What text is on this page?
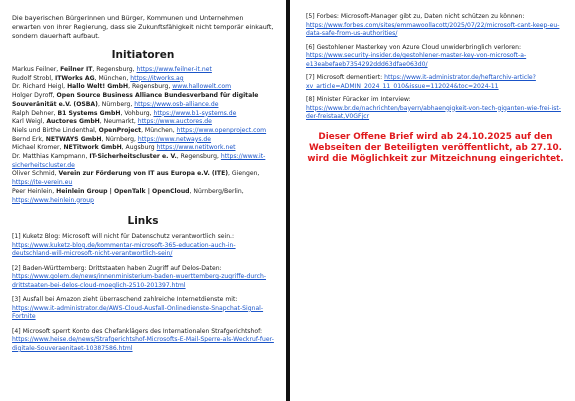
Die bayerischen Bürgerinnen und Bürger, Kommunen und Unternehmen erwarten von ihrer Regierung, dass sie Zukunftsfähigkeit nicht temporär einkauft, sondern dauerhaft aufbaut.

Initiatoren
Markus Feilner, Feilner IT, Regensburg, https://www.feilner-it.net
Rudolf Strobl, ITWorks AG, München, https://itworks.ag
Dr. Richard Heigl, Hallo Welt! GmbH, Regensburg, www.hallowelt.com
Holger Dyroff, Open Source Business Alliance Bundesverband für digitale Souveränität e.V. (OSBA), Nürnberg, https://www.osb-alliance.de
Ralph Dehner, B1 Systems GmbH, Vohburg, https://www.b1-systems.de
Karl Weigl, Auctores GmbH, Neumarkt, https://www.auctores.de
Niels und Birthe Lindenthal, OpenProject, München, https://www.openproject.com
Bernd Erk, NETWAYS GmbH, Nürnberg, https://www.netways.de
Michael Kromer, NETitwork GmbH, Augsburg https://www.netitwork.net
Dr. Matthias Kampmann, IT-Sicherheitscluster e. V., Regensburg, https://www.it-sicherheitscluster.de
Oliver Schmid, Verein zur Förderung von IT aus Europa e.V. (ITE), Giengen, https://ite-verein.eu
Peer Heinlein, Heinlein Group | OpenTalk | OpenCloud, Nürnberg/Berlin, https://www.heinlein.group
Links
[1] Kuketz Blog: Microsoft will nicht für Datenschutz verantwortlich sein.:
https://www.kuketz-blog.de/kommentar-microsoft-365-education-auch-in-deutschland-will-microsoft-nicht-verantwortlich-sein/
[2] Baden-Württemberg: Drittstaaten haben Zugriff auf Delos-Daten:
https://www.golem.de/news/innenministerium-baden-wuerttemberg-zugriffe-durch-drittstaaten-bei-delos-cloud-moeglich-2510-201397.html
[3] Ausfall bei Amazon zieht überraschend zahlreiche Internetdienste mit:
https://www.it-administrator.de/AWS-Cloud-Ausfall-Onlinedienste-Snapchat-Signal-Fortnite
[4] Microsoft sperrt Konto des Chefanklägers des Internationalen Strafgerichtshof:
https://www.heise.de/news/Strafgerichtshof-Microsofts-E-Mail-Sperre-als-Weckruf-fuer-digitale-Souveraenitaet-10387586.html
[5] Forbes: Microsoft-Manager gibt zu, Daten nicht schützen zu können:
https://www.forbes.com/sites/emmawoollacott/2025/07/22/microsoft-cant-keep-eu-data-safe-from-us-authorities/
[6] Gestohlener Masterkey von Azure Cloud unwiderbringlich verloren:
https://www.security-insider.de/gestohlener-master-key-von-microsoft-a-e13eabefaeb7354292ddd63dfae063d0/
[7] Microsoft dementiert: https://www.it-administrator.de/heftarchiv-article?xv_article=ADMIN_2024_11_010&issue=112024&toc=2024-11
[8] Minister Füracker im Interview:
https://www.br.de/nachrichten/bayern/abhaengigkeit-von-tech-giganten-wie-frei-ist-der-freistaat,V0GFjcr

Dieser Offene Brief wird ab 24.10.2025 auf den Webseiten der Beteiligten veröffentlicht, ab 27.10. wird die Möglichkeit zur Mitzeichnung eingerichtet.
